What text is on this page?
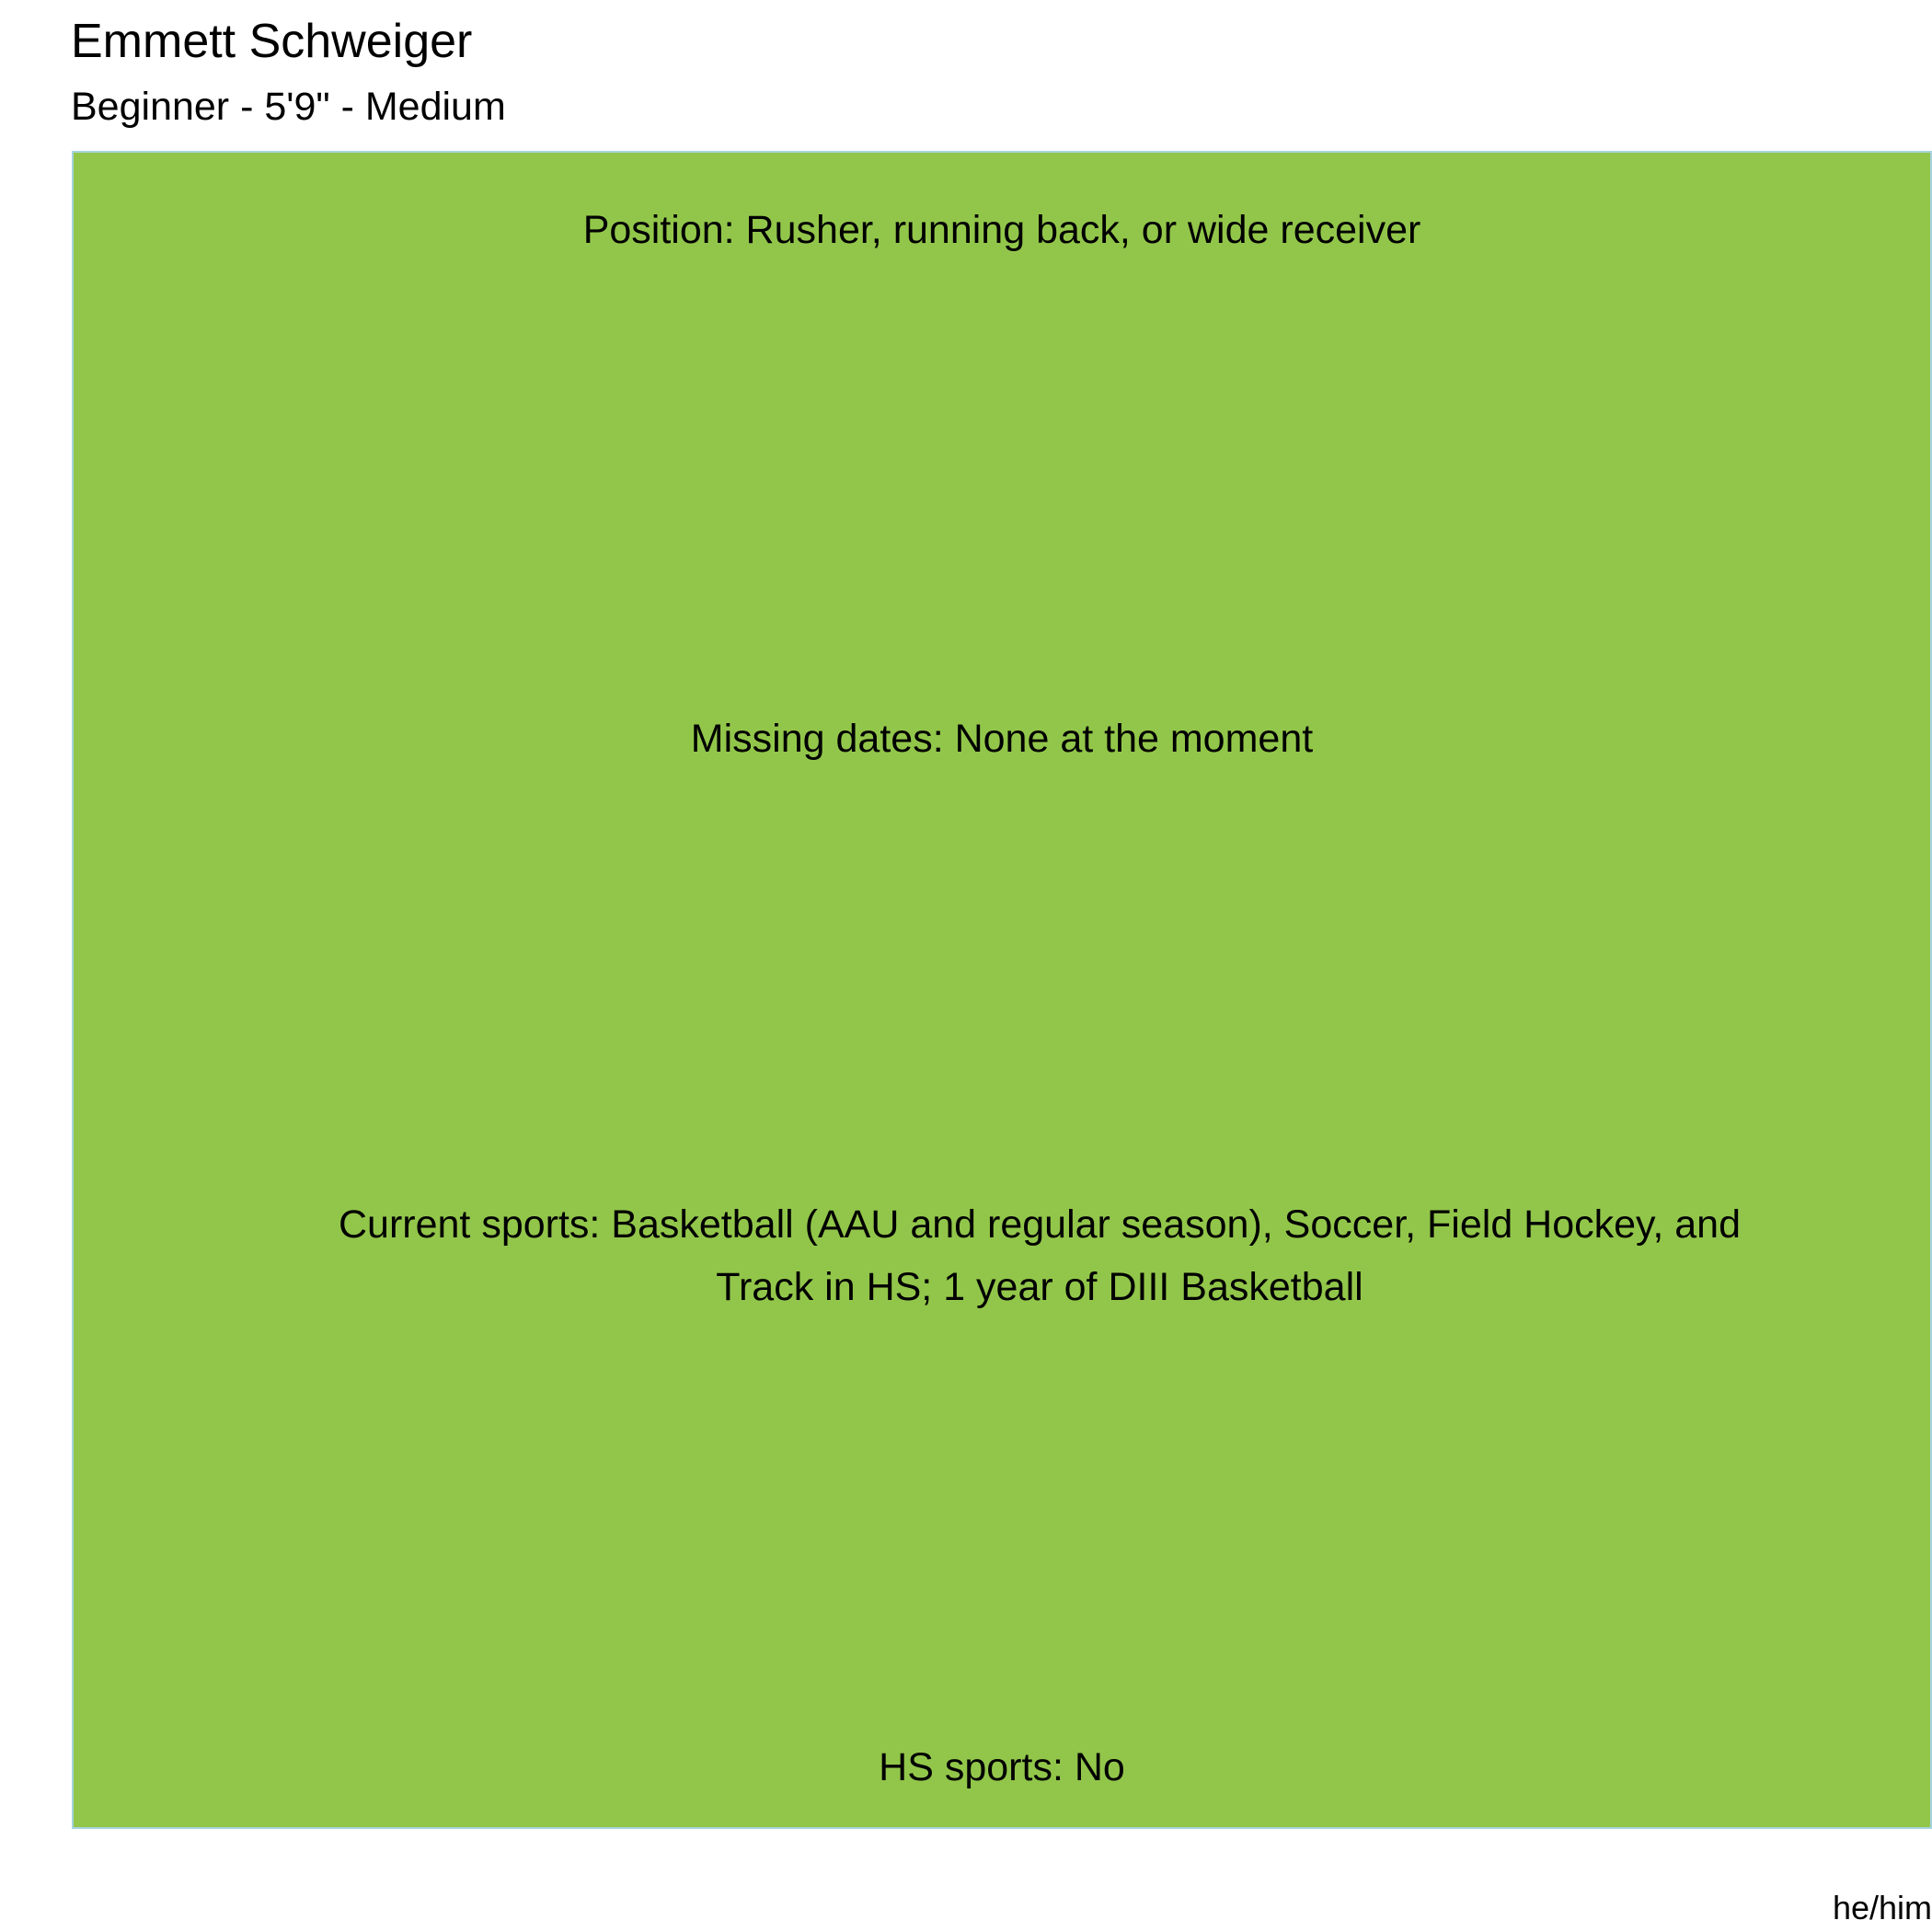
Emmett Schweiger
Beginner - 5'9" - Medium
Position: Rusher, running back, or wide receiver
Missing dates: None at the moment
Current sports: Basketball (AAU and regular season), Soccer, Field Hockey, and Track in HS; 1 year of DIII Basketball
HS sports: No
he/him
